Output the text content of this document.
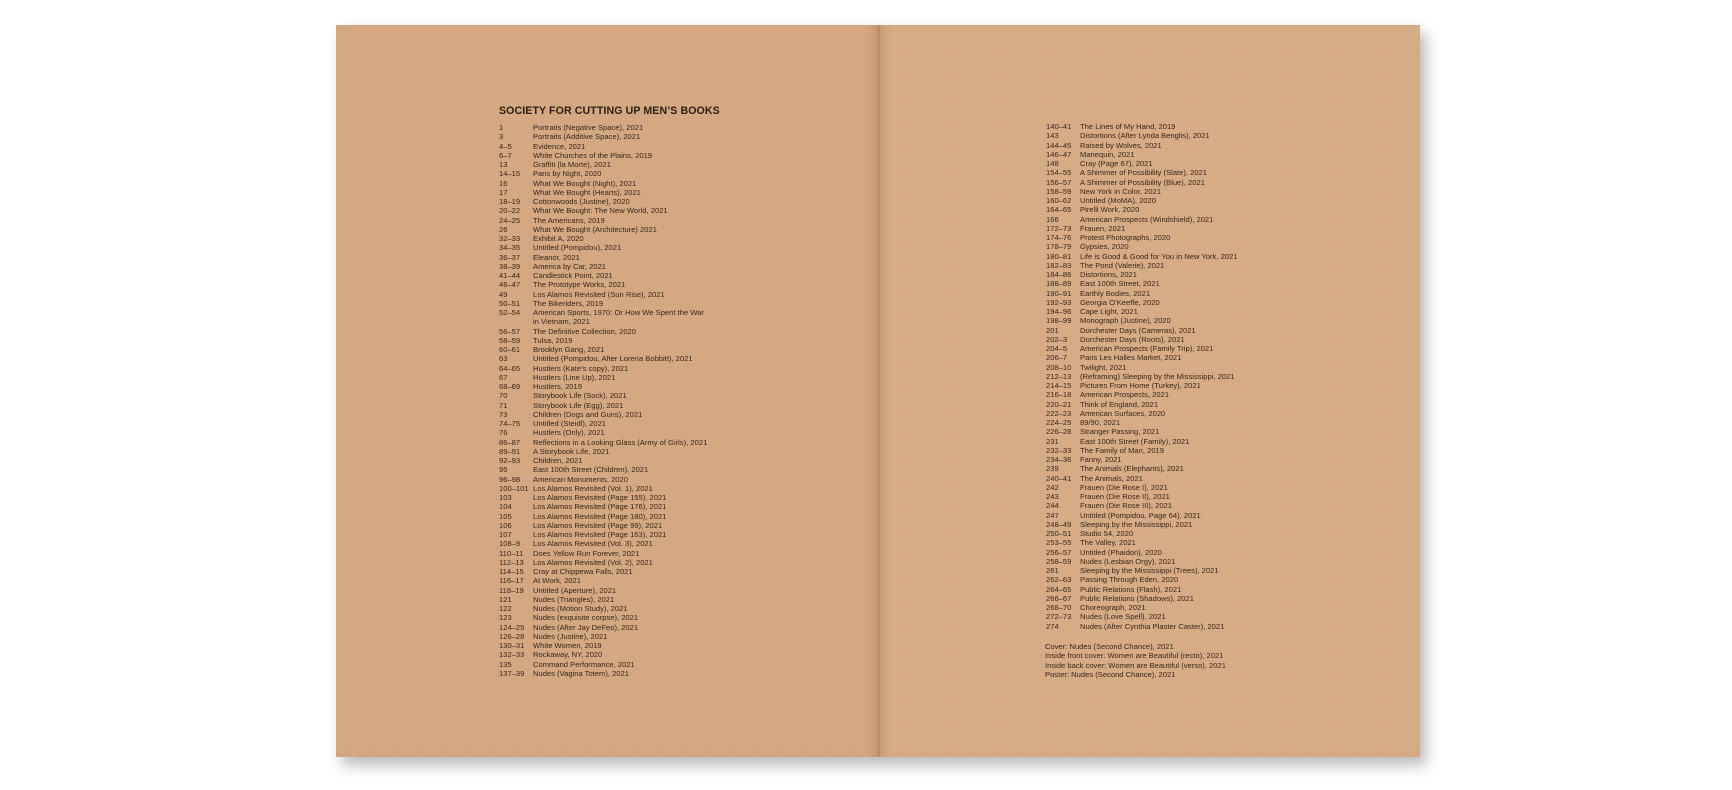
SOCIETY FOR CUTTING UP MEN’S BOOKS
1	Portraits (Negative Space), 2021
3	Portraits (Additive Space), 2021
4–5	Evidence, 2021
6–7	White Churches of the Plains, 2019
13	Graffiti (la Morte), 2021
14–15	Paris by Night, 2020
16	What We Bought (Night), 2021
17	What We Bought (Hearts), 2021
18–19	Cottonwoods (Justine), 2020
20–22	What We Bought: The New World, 2021
24–25	The Americans, 2019
26	What We Bought (Architecture) 2021
32–33	Exhibit A, 2020
34–35	Untitled (Pompidou), 2021
36–37	Eleanor, 2021
38–39	America by Car, 2021
41–44	Candlestick Point, 2021
46–47	The Prototype Works, 2021
49	Los Alamos Revisited (Sun Rise), 2021
50–51	The Bikeriders, 2019
52–54	American Sports, 1970: Or How We Spent the War
in Vietnam, 2021
56–57	The Definitive Collection, 2020
58–59	Tulsa, 2019
60–61	Brooklyn Gang, 2021
63	Untitled (Pompidou, After Lorena Bobbitt), 2021
64–65	Hustlers (Kate’s copy), 2021
67	Hustlers (Line Up), 2021
68–69	Hustlers, 2019
70	Storybook Life (Sock), 2021
71	Storybook Life (Egg), 2021
73	Children (Dogs and Guns), 2021
74–75	Untitled (Steidl), 2021
76	Hustlers (Only), 2021
86–87	Reflections in a Looking Glass (Army of Girls), 2021
89–91	A Storybook Life, 2021
92–93	Children, 2021
95	East 100th Street (Children), 2021
96–98	American Monuments, 2020
100–101 Los Alamos Revisited (Vol. 1), 2021
103	Los Alamos Revisited (Page 155), 2021
104	Los Alamos Revisited (Page 176), 2021
105	Los Alamos Revisited (Page 180), 2021
106	Los Alamos Revisited (Page 99), 2021
107	Los Alamos Revisited (Page 163), 2021
108–9	Los Alamos Revisited (Vol. 3), 2021
110–11	Does Yellow Run Forever, 2021
112–13	Los Alamos Revisited (Vol. 2), 2021
114–15	Cray at Chippewa Falls, 2021
116–17	At Work, 2021
118–19	Untitled (Aperture), 2021
121	Nudes (Triangles), 2021
122	Nudes (Motion Study), 2021
123	Nudes (exquisite corpse), 2021
124–25	Nudes (After Jay DeFeo), 2021
126–28	Nudes (Justine), 2021
130–31	White Women, 2019
132–33	Rockaway, NY, 2020
135	Command Performance, 2021
137–39	Nudes (Vagina Totem), 2021
140–41	The Lines of My Hand, 2019
143	Distortions (After Lynda Benglis), 2021
144–45	Raised by Wolves, 2021
146–47	Manequin, 2021
148	Cray (Page 67), 2021
154–55	A Shimmer of Possibility (Slate), 2021
156–57	A Shimmer of Possibility (Blue), 2021
158–59	New York in Color, 2021
160–62	Untitled (MoMA), 2020
164–65	Pirelli Work, 2020
166	American Prospects (Windshield), 2021
172–73	Frauen, 2021
174–76	Protest Photographs, 2020
178–79	Gypsies, 2020
180–81	Life is Good & Good for You in New York, 2021
182–83	The Pond (Valerie), 2021
184–86	Distortions, 2021
188–89	East 100th Street, 2021
190–91	Earthly Bodies, 2021
192–93	Georgia O’Keeffe, 2020
194–96	Cape Light, 2021
198–99	Monograph (Justine), 2020
201	Dorchester Days (Cameras), 2021
202–3	Dorchester Days (Roots), 2021
204–5	American Prospects (Family Trip), 2021
206–7	Paris Les Halles Market, 2021
208–10	Twilight, 2021
212–13	(Reframing) Sleeping by the Mississippi, 2021
214–15	Pictures From Home (Turkey), 2021
216–18	American Prospects, 2021
220–21	Think of England, 2021
222–23	American Surfaces, 2020
224–25	89/90, 2021
226–28	Stranger Passing, 2021
231	East 100th Street (Family), 2021
232–33	The Family of Man, 2019
234–36	Fanny, 2021
239	The Animals (Elephants), 2021
240–41	The Animals, 2021
242	Frauen (Die Rose I), 2021
243	Frauen (Die Rose II), 2021
244	Frauen (Die Rose III), 2021
247	Untitled (Pompidou, Page 64), 2021
248–49	Sleeping by the Mississippi, 2021
250–51	Studio 54, 2020
253–55	The Valley, 2021
256–57	Untitled (Phaidon), 2020
258–59	Nudes (Lesbian Orgy), 2021
261	Sleeping by the Mississippi (Trees), 2021
262–63	Passing Through Eden, 2020
264–65	Public Relations (Flash), 2021
266–67	Public Relations (Shadows), 2021
268–70	Choreograph, 2021
272–73	Nudes (Love Spell), 2021
274	Nudes (After Cynthia Plaster Caster), 2021
Cover: Nudes (Second Chance), 2021
Inside front cover: Women are Beautiful (recto), 2021
Inside back cover: Women are Beautiful (verso), 2021
Poster: Nudes (Second Chance), 2021
